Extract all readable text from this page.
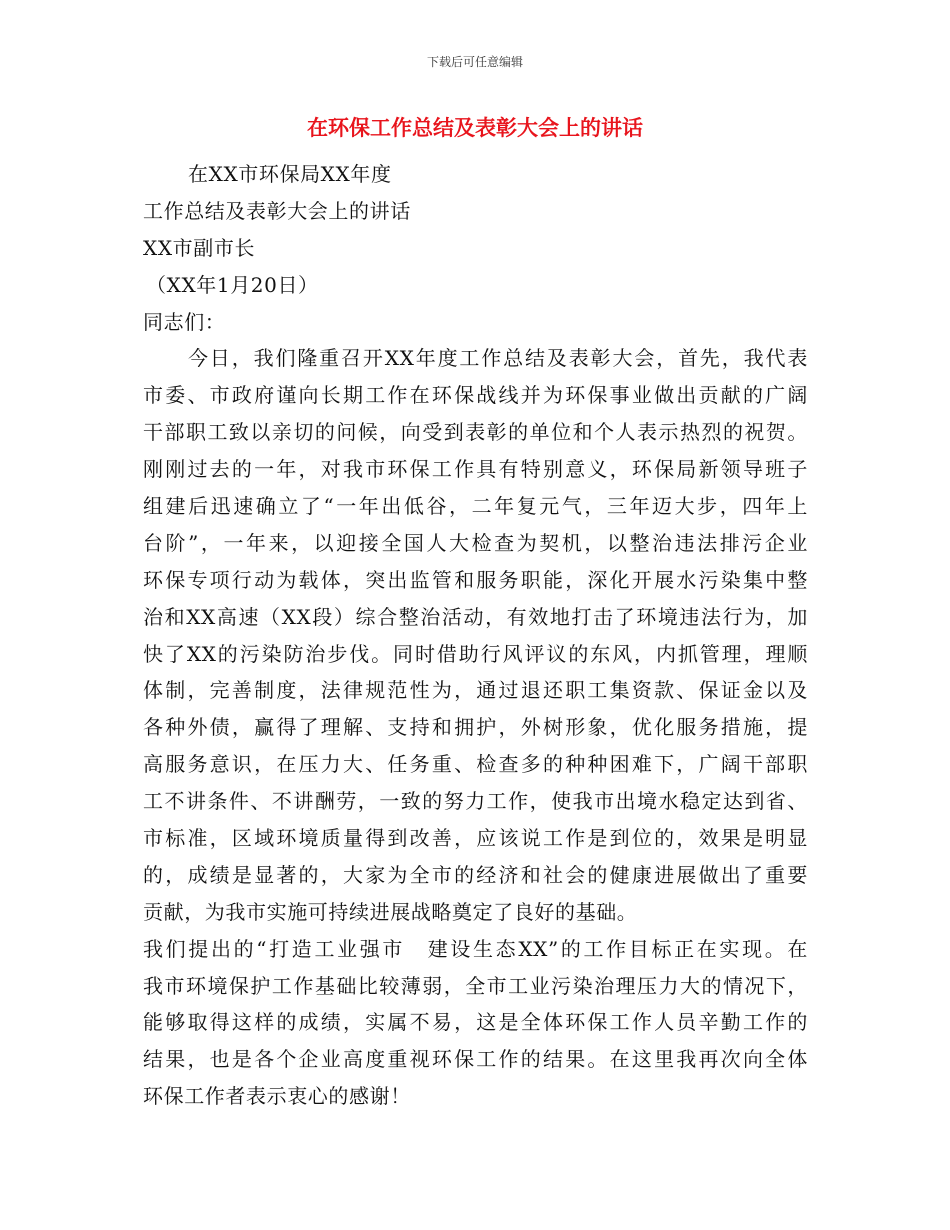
下载后可任意编辑
在环保工作总结及表彰大会上的讲话
在XX市环保局XX年度
工作总结及表彰大会上的讲话
XX市副市长
（XX年1月20日）
同志们：
今日，我们隆重召开XX年度工作总结及表彰大会，首先，我代表
市委、市政府谨向长期工作在环保战线并为环保事业做出贡献的广阔
干部职工致以亲切的问候，向受到表彰的单位和个人表示热烈的祝贺。
刚刚过去的一年，对我市环保工作具有特别意义，环保局新领导班子
组建后迅速确立了“一年出低谷，二年复元气，三年迈大步，四年上
台阶”，一年来，以迎接全国人大检查为契机，以整治违法排污企业
环保专项行动为载体，突出监管和服务职能，深化开展水污染集中整
治和XX高速（XX段）综合整治活动，有效地打击了环境违法行为，加
快了XX的污染防治步伐。同时借助行风评议的东风，内抓管理，理顺
体制，完善制度，法律规范性为，通过退还职工集资款、保证金以及
各种外债，赢得了理解、支持和拥护，外树形象，优化服务措施，提
高服务意识，在压力大、任务重、检查多的种种困难下，广阔干部职
工不讲条件、不讲酬劳，一致的努力工作，使我市出境水稳定达到省、
市标准，区域环境质量得到改善，应该说工作是到位的，效果是明显
的，成绩是显著的，大家为全市的经济和社会的健康进展做出了重要
贡献，为我市实施可持续进展战略奠定了良好的基础。
我们提出的“打造工业强市　建设生态XX”的工作目标正在实现。在
我市环境保护工作基础比较薄弱，全市工业污染治理压力大的情况下，
能够取得这样的成绩，实属不易，这是全体环保工作人员辛勤工作的
结果，也是各个企业高度重视环保工作的结果。在这里我再次向全体
环保工作者表示衷心的感谢！
